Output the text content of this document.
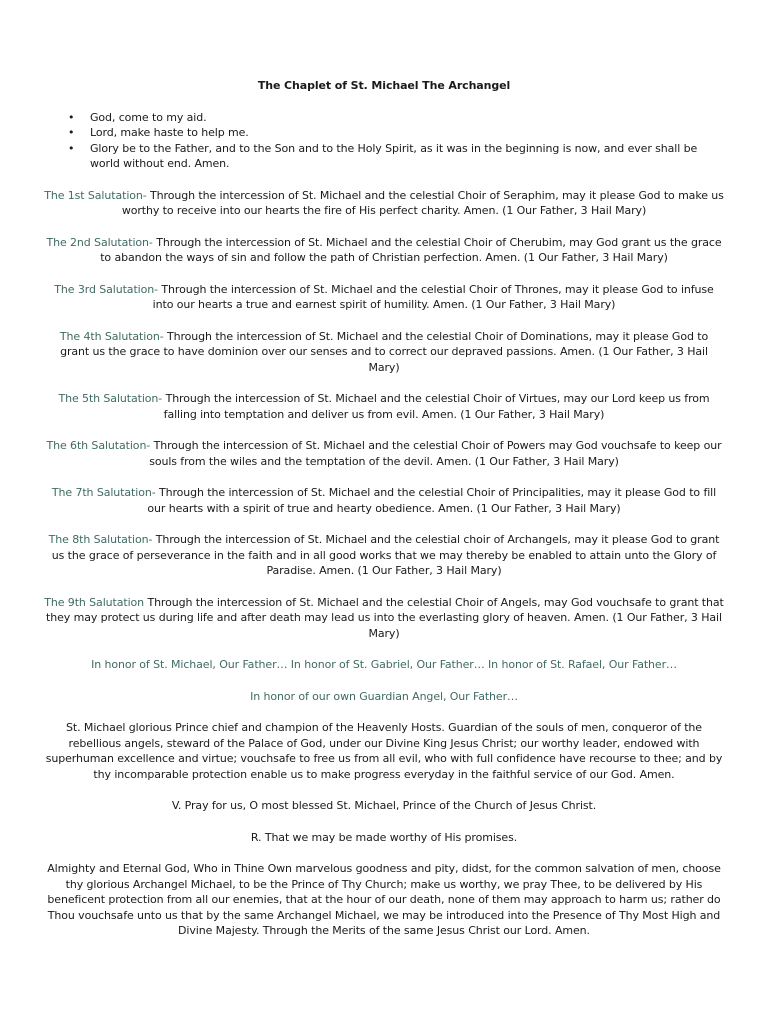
The Chaplet of St. Michael The Archangel
• God, come to my aid.
• Lord, make haste to help me.
• Glory be to the Father, and to the Son and to the Holy Spirit, as it was in the beginning is now, and ever shall be world without end. Amen.

The 1st Salutation- Through the intercession of St. Michael and the celestial Choir of Seraphim, may it please God to make us worthy to receive into our hearts the fire of His perfect charity. Amen. (1 Our Father, 3 Hail Mary)

The 2nd Salutation- Through the intercession of St. Michael and the celestial Choir of Cherubim, may God grant us the grace to abandon the ways of sin and follow the path of Christian perfection. Amen. (1 Our Father, 3 Hail Mary)

The 3rd Salutation- Through the intercession of St. Michael and the celestial Choir of Thrones, may it please God to infuse into our hearts a true and earnest spirit of humility. Amen. (1 Our Father, 3 Hail Mary)

The 4th Salutation- Through the intercession of St. Michael and the celestial Choir of Dominations, may it please God to grant us the grace to have dominion over our senses and to correct our depraved passions. Amen. (1 Our Father, 3 Hail Mary)

The 5th Salutation- Through the intercession of St. Michael and the celestial Choir of Virtues, may our Lord keep us from falling into temptation and deliver us from evil. Amen. (1 Our Father, 3 Hail Mary)

The 6th Salutation- Through the intercession of St. Michael and the celestial Choir of Powers may God vouchsafe to keep our souls from the wiles and the temptation of the devil. Amen. (1 Our Father, 3 Hail Mary)

The 7th Salutation- Through the intercession of St. Michael and the celestial Choir of Principalities, may it please God to fill our hearts with a spirit of true and hearty obedience. Amen. (1 Our Father, 3 Hail Mary)

The 8th Salutation- Through the intercession of St. Michael and the celestial choir of Archangels, may it please God to grant us the grace of perseverance in the faith and in all good works that we may thereby be enabled to attain unto the Glory of Paradise. Amen. (1 Our Father, 3 Hail Mary)

The 9th Salutation Through the intercession of St. Michael and the celestial Choir of Angels, may God vouchsafe to grant that they may protect us during life and after death may lead us into the everlasting glory of heaven. Amen. (1 Our Father, 3 Hail Mary)

In honor of St. Michael, Our Father… In honor of St. Gabriel, Our Father… In honor of St. Rafael, Our Father…

In honor of our own Guardian Angel, Our Father…

St. Michael glorious Prince chief and champion of the Heavenly Hosts. Guardian of the souls of men, conqueror of the rebellious angels, steward of the Palace of God, under our Divine King Jesus Christ; our worthy leader, endowed with superhuman excellence and virtue; vouchsafe to free us from all evil, who with full confidence have recourse to thee; and by thy incomparable protection enable us to make progress everyday in the faithful service of our God. Amen.

V. Pray for us, O most blessed St. Michael, Prince of the Church of Jesus Christ.

R. That we may be made worthy of His promises.

Almighty and Eternal God, Who in Thine Own marvelous goodness and pity, didst, for the common salvation of men, choose thy glorious Archangel Michael, to be the Prince of Thy Church; make us worthy, we pray Thee, to be delivered by His beneficent protection from all our enemies, that at the hour of our death, none of them may approach to harm us; rather do Thou vouchsafe unto us that by the same Archangel Michael, we may be introduced into the Presence of Thy Most High and Divine Majesty. Through the Merits of the same Jesus Christ our Lord. Amen.
